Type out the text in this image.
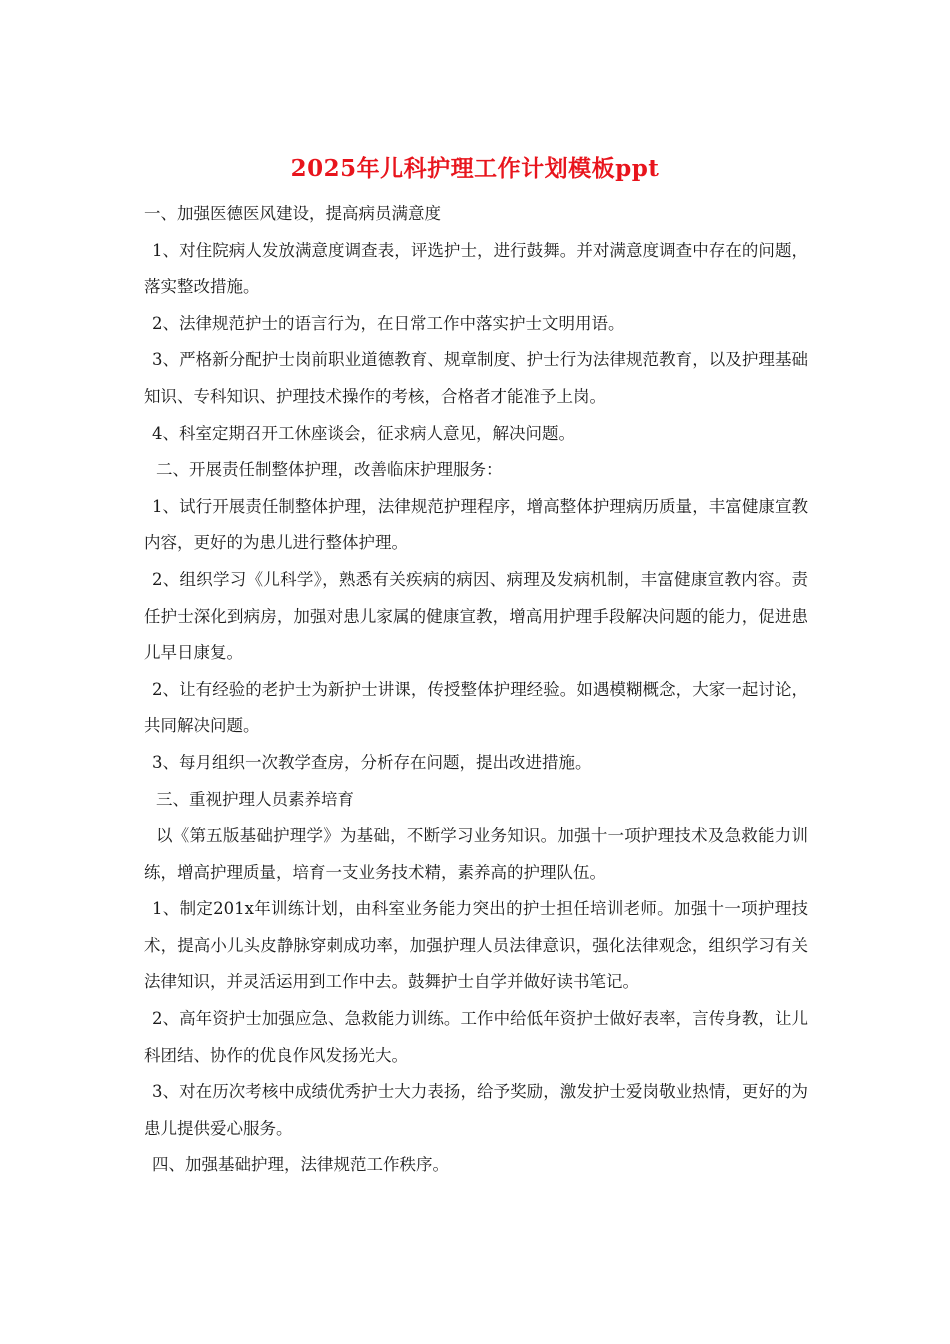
2025年儿科护理工作计划模板ppt

一、加强医德医风建设，提高病员满意度

1、对住院病人发放满意度调查表，评选护士，进行鼓舞。并对满意度调查中存在的问题，落实整改措施。

2、法律规范护士的语言行为，在日常工作中落实护士文明用语。

3、严格新分配护士岗前职业道德教育、规章制度、护士行为法律规范教育，以及护理基础知识、专科知识、护理技术操作的考核，合格者才能准予上岗。

4、科室定期召开工休座谈会，征求病人意见，解决问题。

二、开展责任制整体护理，改善临床护理服务：

1、试行开展责任制整体护理，法律规范护理程序，增高整体护理病历质量，丰富健康宣教内容，更好的为患儿进行整体护理。

2、组织学习《儿科学》，熟悉有关疾病的病因、病理及发病机制，丰富健康宣教内容。责任护士深化到病房，加强对患儿家属的健康宣教，增高用护理手段解决问题的能力，促进患儿早日康复。

2、让有经验的老护士为新护士讲课，传授整体护理经验。如遇模糊概念，大家一起讨论，共同解决问题。

3、每月组织一次教学查房，分析存在问题，提出改进措施。

三、重视护理人员素养培育

以《第五版基础护理学》为基础，不断学习业务知识。加强十一项护理技术及急救能力训练，增高护理质量，培育一支业务技术精，素养高的护理队伍。

1、制定201x年训练计划，由科室业务能力突出的护士担任培训老师。加强十一项护理技术，提高小儿头皮静脉穿刺成功率，加强护理人员法律意识，强化法律观念，组织学习有关法律知识，并灵活运用到工作中去。鼓舞护士自学并做好读书笔记。

2、高年资护士加强应急、急救能力训练。工作中给低年资护士做好表率，言传身教，让儿科团结、协作的优良作风发扬光大。

3、对在历次考核中成绩优秀护士大力表扬，给予奖励，激发护士爱岗敬业热情，更好的为患儿提供爱心服务。

四、加强基础护理，法律规范工作秩序。
